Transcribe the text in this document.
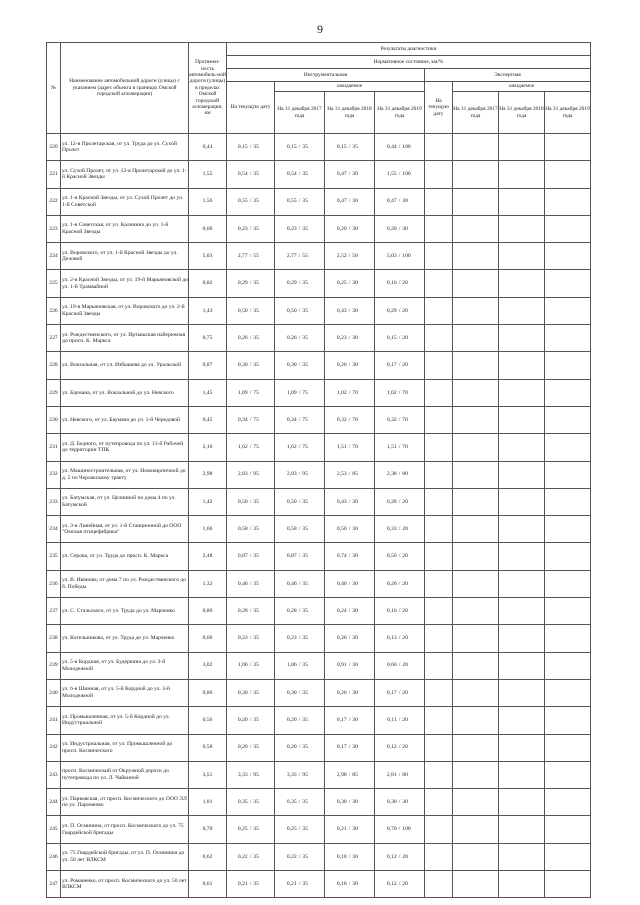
9
№	Наименование автомобильной дороги (улицы) с указанием (адрес объекта в границах Омской городской агломерации)	Протяжен-ность автомобиль-ной дороги (улицы) в пределах Омской городской агломерации, км	Результаты диагностики							
			Нормативное состояние, км/%							
			Инструментальная				Экспертная			
			На текущую дату	ожидаемое			На текущую дату	ожидаемое		
				На 31 декабря 2017 года	На 31 декабря 2018 года	На 31 декабря 2019 года		На 31 декабря 2017 года	На 31 декабря 2018 года	На 31 декабря 2019 года
220	ул. 12-я Пролетарская, от ул. Труда до ул. Сухой Пролет	0,44	0,15 / 35	0,15 / 35	0,15 / 35	0,44 / 100				

221	ул. Сухой Пролет, от ул. 12-я Пролетарской до ул. 1-й Красной Звезды	1,55	0,54 / 35	0,54 / 35	0,47 / 30	1,55 / 100				

222	ул. 1-я Красной Звезды, от ул. Сухой Пролет до ул. 1-й Советской	1,56	0,55 / 35	0,55 / 35	0,47 / 30	0,47 / 30				

223	ул. 1-я Советская, от ул. Калинина до ул. 1-й Красной Звезды	0,66	0,23 / 35	0,23 / 35	0,20 / 30	0,20 / 30				

224	ул. Воровского, от ул. 1-й Красной Звезды до ул. Деловой	5,03	2,77 / 55	2,77 / 55	2,52 / 50	5,03 / 100				

225	ул. 2-я Красной Звезды, от ул. 19-й Марьяновской до ул. 1-й Трамвайной	0,82	0,29 / 35	0,29 / 35	0,25 / 30	0,16 / 20				

226	ул. 19-я Марьяновская, от ул. Воровского до ул. 2-й Красной Звезды	1,43	0,50 / 35	0,50 / 35	0,43 / 30	0,29 / 20				

227	ул. Рождественского, от ул. Иртышская набережная до просп. К. Маркса	0,75	0,26 / 35	0,26 / 35	0,23 / 30	0,15 / 20				

228	ул. Вокзальная, от ул. Избышева до ул. Уральской	0,87	0,30 / 35	0,30 / 35	0,26 / 30	0,17 / 20				

229	ул. Баумана, от ул. Вокзальной до ул. Невского	1,45	1,09 / 75	1,09 / 75	1,02 / 70	1,02 / 70				

230	ул. Невского, от ул. Баумана до ул. 1-й Чередовой	0,45	0,34 / 75	0,34 / 75	0,32 / 70	0,32 / 70				

231	ул. Д. Бедного, от путепровода по ул. 13-й Рабочей до территории ТПК	2,16	1,62 / 75	1,62 / 75	1,51 / 70	1,51 / 70				

232	ул. Машиностроительная, от ул. Новокирпичной до д. 5 по Черлакскому тракту	2,98	2,83 / 95	2,83 / 95	2,53 / 85	2,38 / 80				

233	ул. Батумская, от ул. Целинной по дома 4 по ул. Батумской	1,42	0,50 / 35	0,50 / 35	0,43 / 30	0,28 / 20				

234	ул. 3-я Линейная, от ул. 1-й Станционной до ООО "Омская птицефабрика"	1,66	0,58 / 35	0,58 / 35	0,50 / 30	0,33 / 20				

235	ул. Серова, от ул. Труда до просп. К. Маркса	2,48	0,87 / 35	0,87 / 35	0,74 / 30	0,50 / 20				

236	ул. В. Иванова, от дома 7 по ул. Рождественского до б. Победы	1,32	0,46 / 35	0,46 / 35	0,40 / 30	0,26 / 20				

237	ул. С. Стальского, от ул. Труда до ул. Марченко	0,80	0,28 / 35	0,28 / 35	0,24 / 30	0,16 / 20				

238	ул. Котельникова, от ул. Труда до ул. Марченко	0,66	0,23 / 35	0,23 / 35	0,20 / 30	0,13 / 20				

239	ул. 5-я Кордная, от ул. Будеркина до ул. 3-й Молодежной	3,02	1,06 / 35	1,06 / 35	0,91 / 30	0,60 / 20				

240	ул. 6-я Шинная, от ул. 5-й Кордной до ул. 3-й Молодежной	0,86	0,30 / 35	0,30 / 35	0,26 / 30	0,17 / 20				

241	ул. Промышленная, от ул. 5-й Кордной до ул. Индустриальной	0,56	0,20 / 35	0,20 / 35	0,17 / 30	0,11 / 20				

242	ул. Индустриальная, от ул. Промышленной до просп. Космического	0,58	0,20 / 35	0,20 / 35	0,17 / 30	0,12 / 20				

243	просп. Космический от Окружной дороги до путепровода по ул. Л. Чайкиной	3,51	3,33 / 95	3,33 / 95	2,98 / 85	2,81 / 80				

244	ул. Парковская, от просп. Космического до ООО ЛЛ по ул. Пароменко	1,01	0,35 / 35	0,35 / 35	0,30 / 30	0,30 / 30				

245	ул. П. Осминина, от просп. Космического до ул. 75 Гвардейской бригады	0,70	0,25 / 35	0,25 / 35	0,21 / 30	0,70 / 100				

246	ул. 75 Гвардейской бригады, от ул. П. Осминина до ул. 50 лет ВЛКСМ	0,62	0,22 / 35	0,22 / 35	0,18 / 30	0,12 / 20				

247	ул. Романенко, от просп. Космического до ул. 50 лет ВЛКСМ	0,61	0,21 / 35	0,21 / 35	0,18 / 30	0,12 / 20				
